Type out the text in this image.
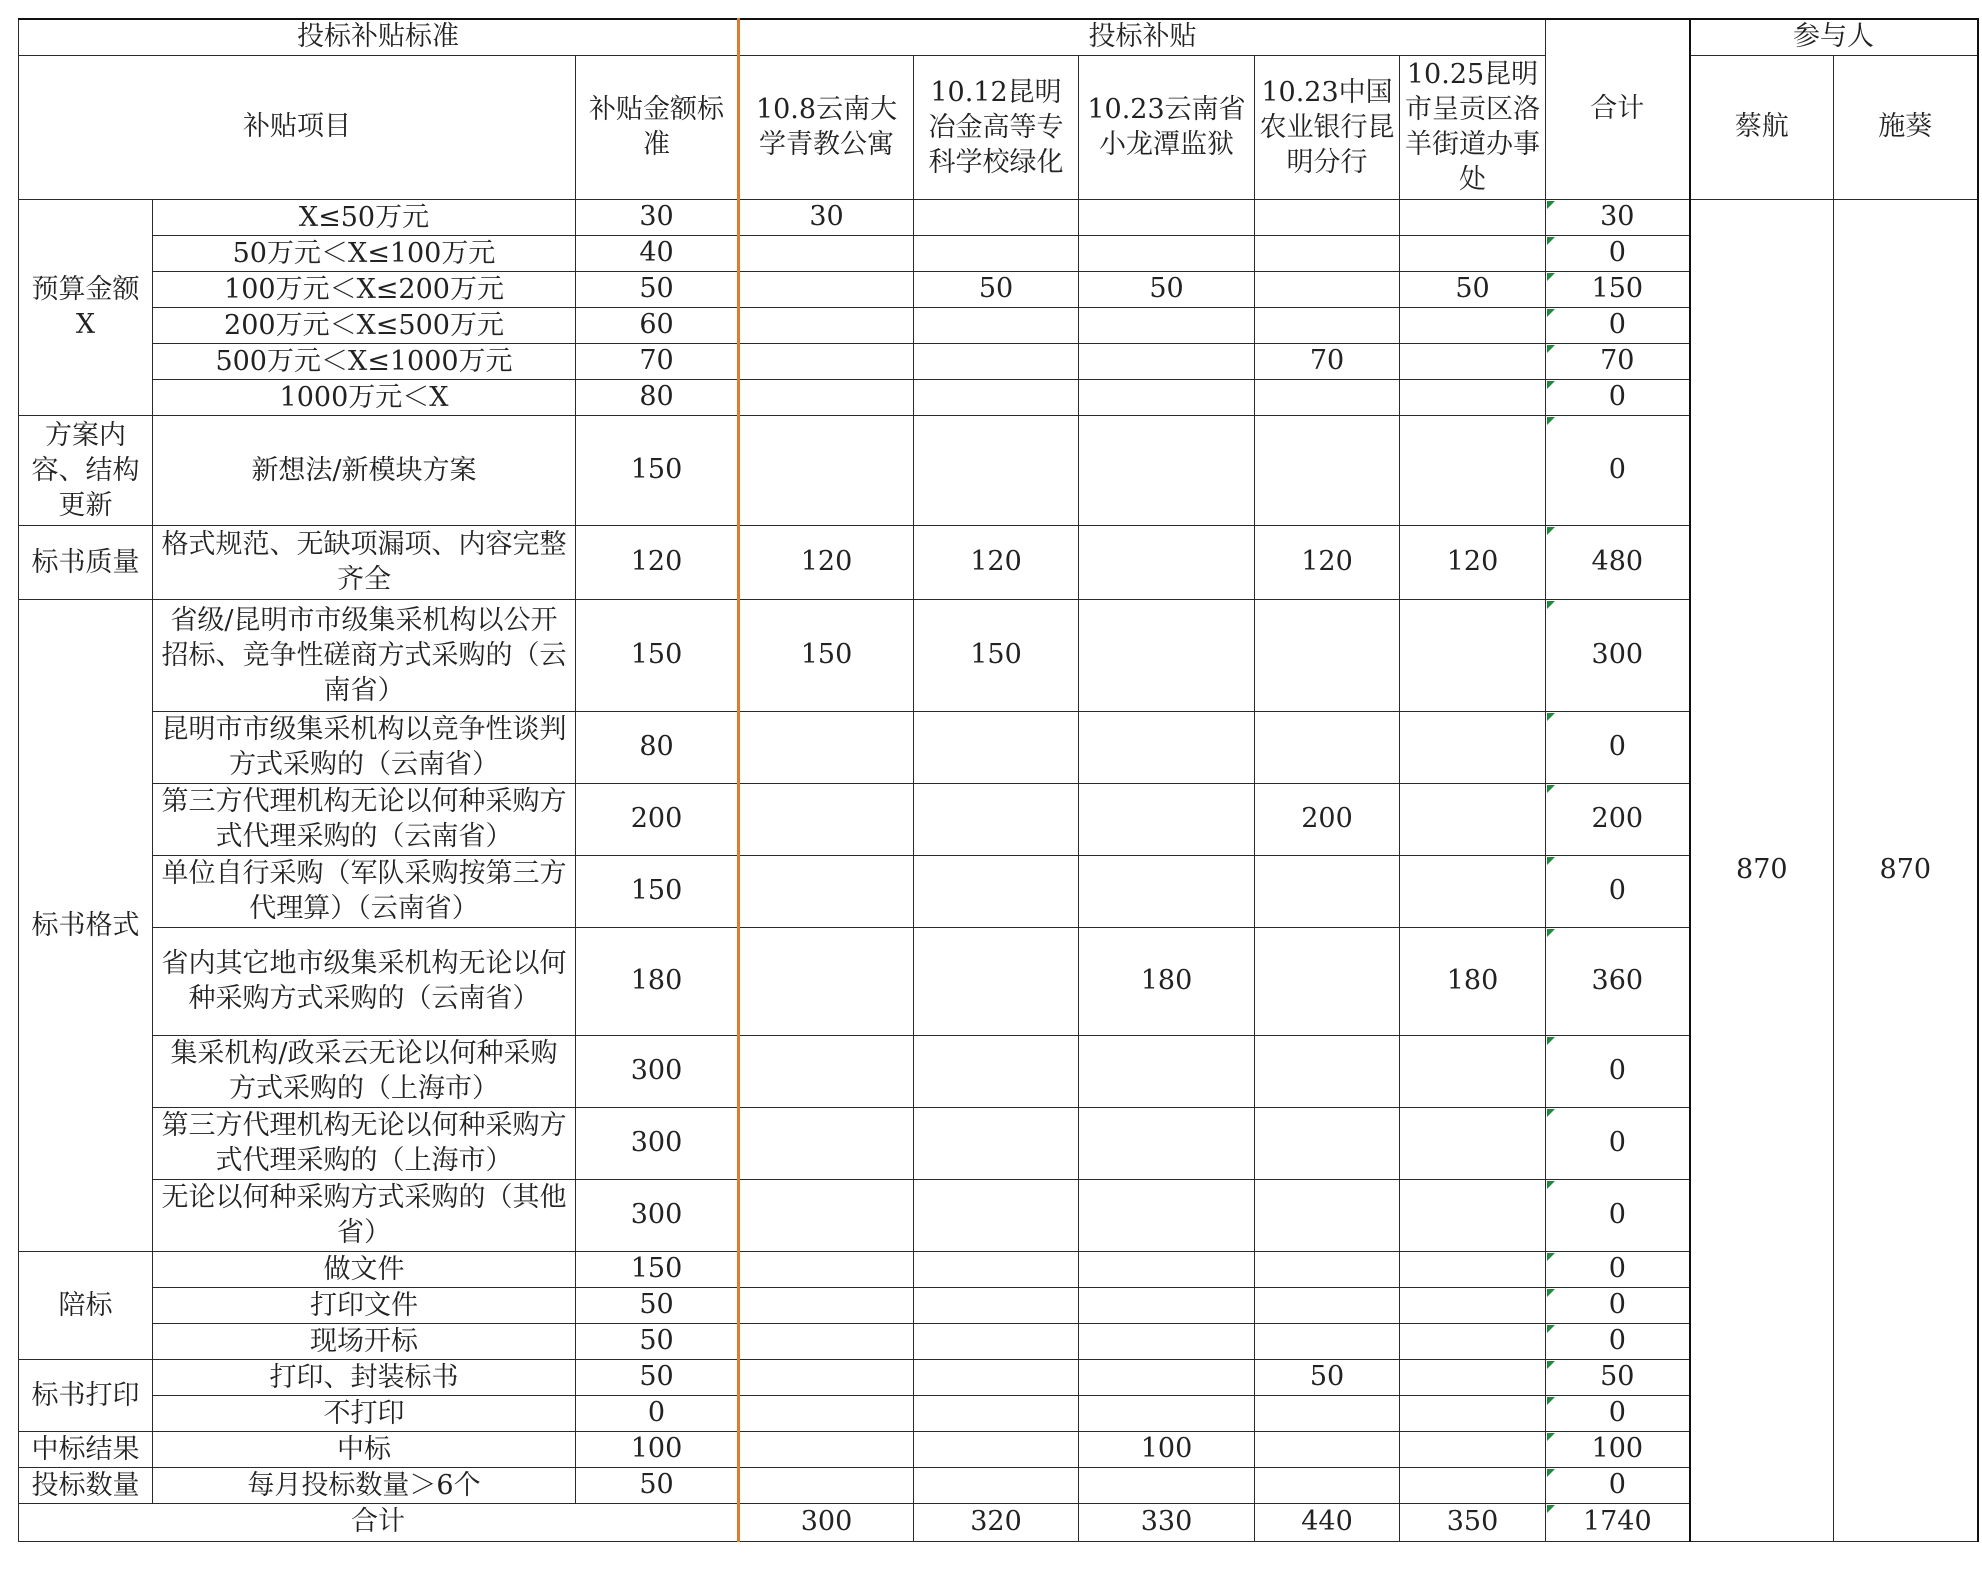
投标补贴标准			投标补贴					合计	参与人	
补贴项目		补贴金额标准	10.8云南大学青教公寓	10.12昆明冶金高等专科学校绿化	10.23云南省小龙潭监狱	10.23中国农业银行昆明分行	10.25昆明市呈贡区洛羊街道办事处		蔡航	施葵
预算金额X	X≤50万元	30	30					30	870	870
	50万元＜X≤100万元	40						0		
	100万元＜X≤200万元	50		50	50		50	150		
	200万元＜X≤500万元	60						0		
	500万元＜X≤1000万元	70				70		70		
	1000万元＜X	80						0		
方案内容、结构更新	新想法/新模块方案	150						0		
标书质量	格式规范、无缺项漏项、内容完整齐全	120	120	120		120	120	480		
标书格式	省级/昆明市市级集采机构以公开招标、竞争性磋商方式采购的（云南省）	150	150	150				300		
	昆明市市级集采机构以竞争性谈判方式采购的（云南省）	80						0		
	第三方代理机构无论以何种采购方式代理采购的（云南省）	200				200		200		
	单位自行采购（军队采购按第三方代理算）（云南省）	150						0		
	省内其它地市级集采机构无论以何种采购方式采购的（云南省）	180			180		180	360		
	集采机构/政采云无论以何种采购方式采购的（上海市）	300						0		
	第三方代理机构无论以何种采购方式代理采购的（上海市）	300						0		
	无论以何种采购方式采购的（其他省）	300						0		
陪标	做文件	150						0		
	打印文件	50						0		
	现场开标	50						0		
标书打印	打印、封装标书	50				50		50		
	不打印	0						0		
中标结果	中标	100			100			100		
投标数量	每月投标数量＞6个	50						0		
合计			300	320	330	440	350	1740		
